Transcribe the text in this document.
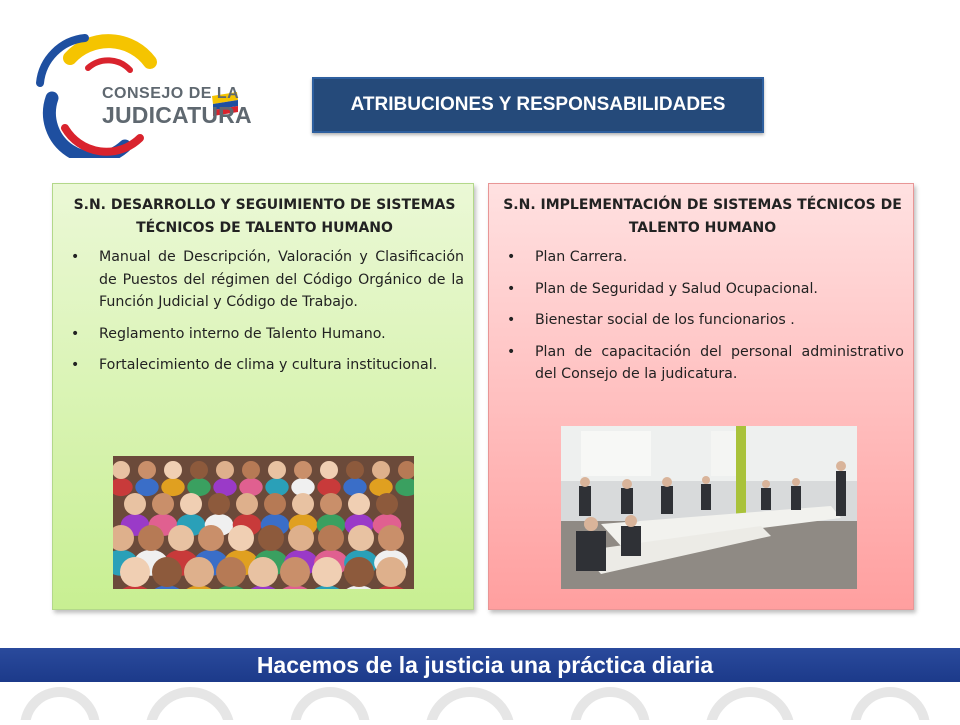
CONSEJO DE LA
JUDICATURA	ATRIBUCIONES Y RESPONSABILIDADES
S.N. DESARROLLO Y SEGUIMIENTO DE SISTEMAS TÉCNICOS DE TALENTO HUMANO
• Manual de Descripción, Valoración y Clasificación de Puestos del régimen del Código Orgánico de la Función Judicial y Código de Trabajo.
• Reglamento interno de Talento Humano.
• Fortalecimiento de clima y cultura institucional.
S.N. IMPLEMENTACIÓN DE SISTEMAS TÉCNICOS DE TALENTO HUMANO
• Plan Carrera.
• Plan de Seguridad y Salud Ocupacional.
• Bienestar social de los funcionarios .
• Plan de capacitación del personal administrativo del Consejo de la judicatura.
Hacemos de la justicia una práctica diaria
